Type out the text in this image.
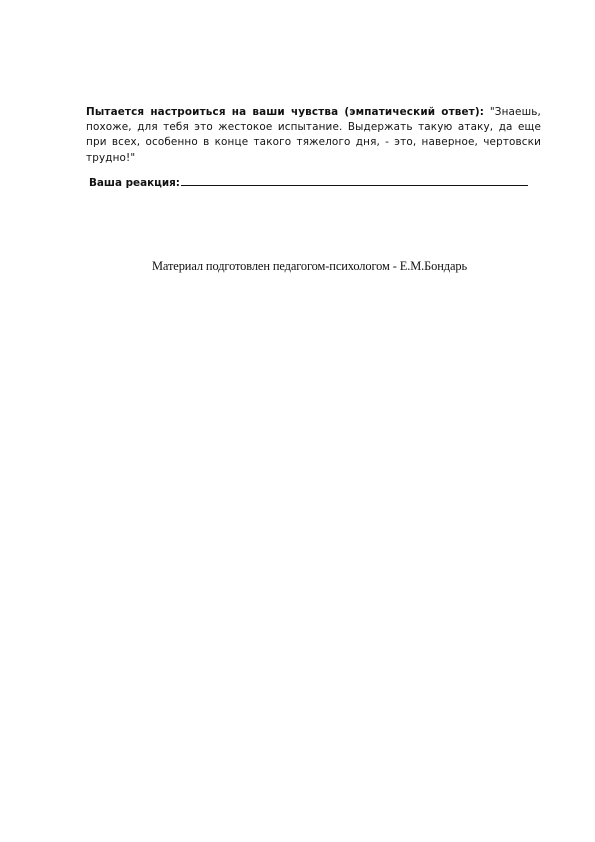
Пытается настроиться на ваши чувства (эмпатический ответ): "Знаешь, похоже, для тебя это жестокое испытание. Выдержать такую атаку, да еще при всех, особенно в конце такого тяжелого дня, - это, наверное, чертовски трудно!"
Ваша реакция:
Материал подготовлен педагогом-психологом - Е.М.Бондарь
